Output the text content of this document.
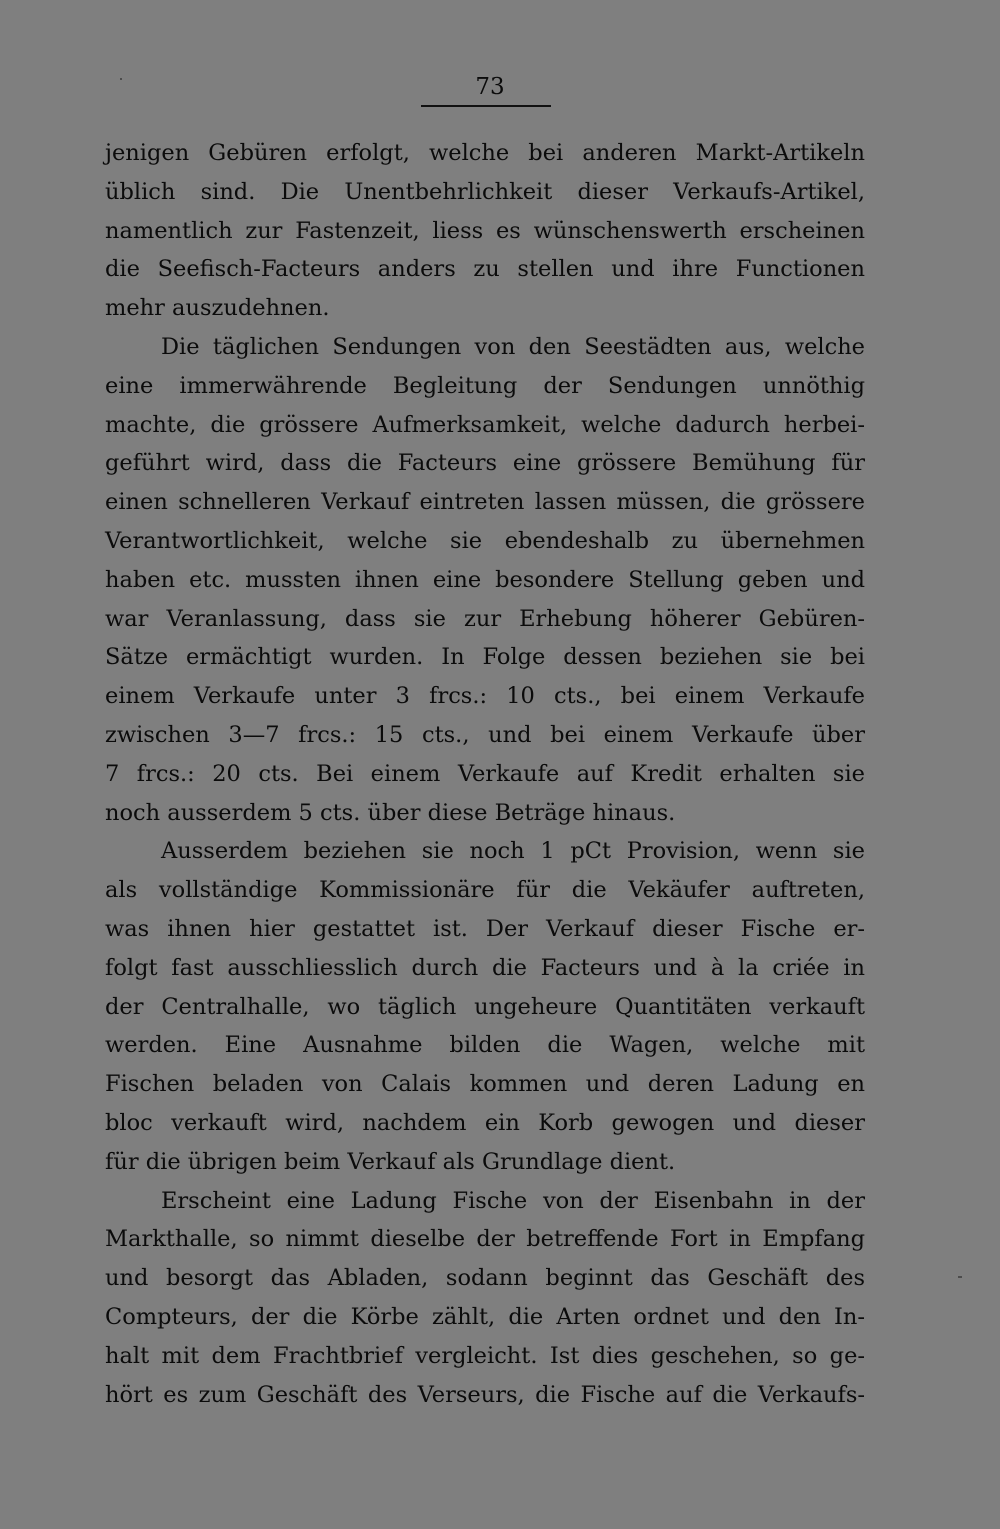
73
jenigen Gebüren erfolgt, welche bei anderen Markt-Artikeln
üblich sind. Die Unentbehrlichkeit dieser Verkaufs-Artikel,
namentlich zur Fastenzeit, liess es wünschenswerth erscheinen
die Seefisch-Facteurs anders zu stellen und ihre Functionen
mehr auszudehnen.
Die täglichen Sendungen von den Seestädten aus, welche
eine immerwährende Begleitung der Sendungen unnöthig
machte, die grössere Aufmerksamkeit, welche dadurch herbei-
geführt wird, dass die Facteurs eine grössere Bemühung für
einen schnelleren Verkauf eintreten lassen müssen, die grössere
Verantwortlichkeit, welche sie ebendeshalb zu übernehmen
haben etc. mussten ihnen eine besondere Stellung geben und
war Veranlassung, dass sie zur Erhebung höherer Gebüren-
Sätze ermächtigt wurden. In Folge dessen beziehen sie bei
einem Verkaufe unter 3 frcs.: 10 cts., bei einem Verkaufe
zwischen 3—7 frcs.: 15 cts., und bei einem Verkaufe über
7 frcs.: 20 cts. Bei einem Verkaufe auf Kredit erhalten sie
noch ausserdem 5 cts. über diese Beträge hinaus.
Ausserdem beziehen sie noch 1 pCt Provision, wenn sie
als vollständige Kommissionäre für die Vekäufer auftreten,
was ihnen hier gestattet ist. Der Verkauf dieser Fische er-
folgt fast ausschliesslich durch die Facteurs und à la criée in
der Centralhalle, wo täglich ungeheure Quantitäten verkauft
werden. Eine Ausnahme bilden die Wagen, welche mit
Fischen beladen von Calais kommen und deren Ladung en
bloc verkauft wird, nachdem ein Korb gewogen und dieser
für die übrigen beim Verkauf als Grundlage dient.
Erscheint eine Ladung Fische von der Eisenbahn in der
Markthalle, so nimmt dieselbe der betreffende Fort in Empfang
und besorgt das Abladen, sodann beginnt das Geschäft des
Compteurs, der die Körbe zählt, die Arten ordnet und den In-
halt mit dem Frachtbrief vergleicht. Ist dies geschehen, so ge-
hört es zum Geschäft des Verseurs, die Fische auf die Verkaufs-
